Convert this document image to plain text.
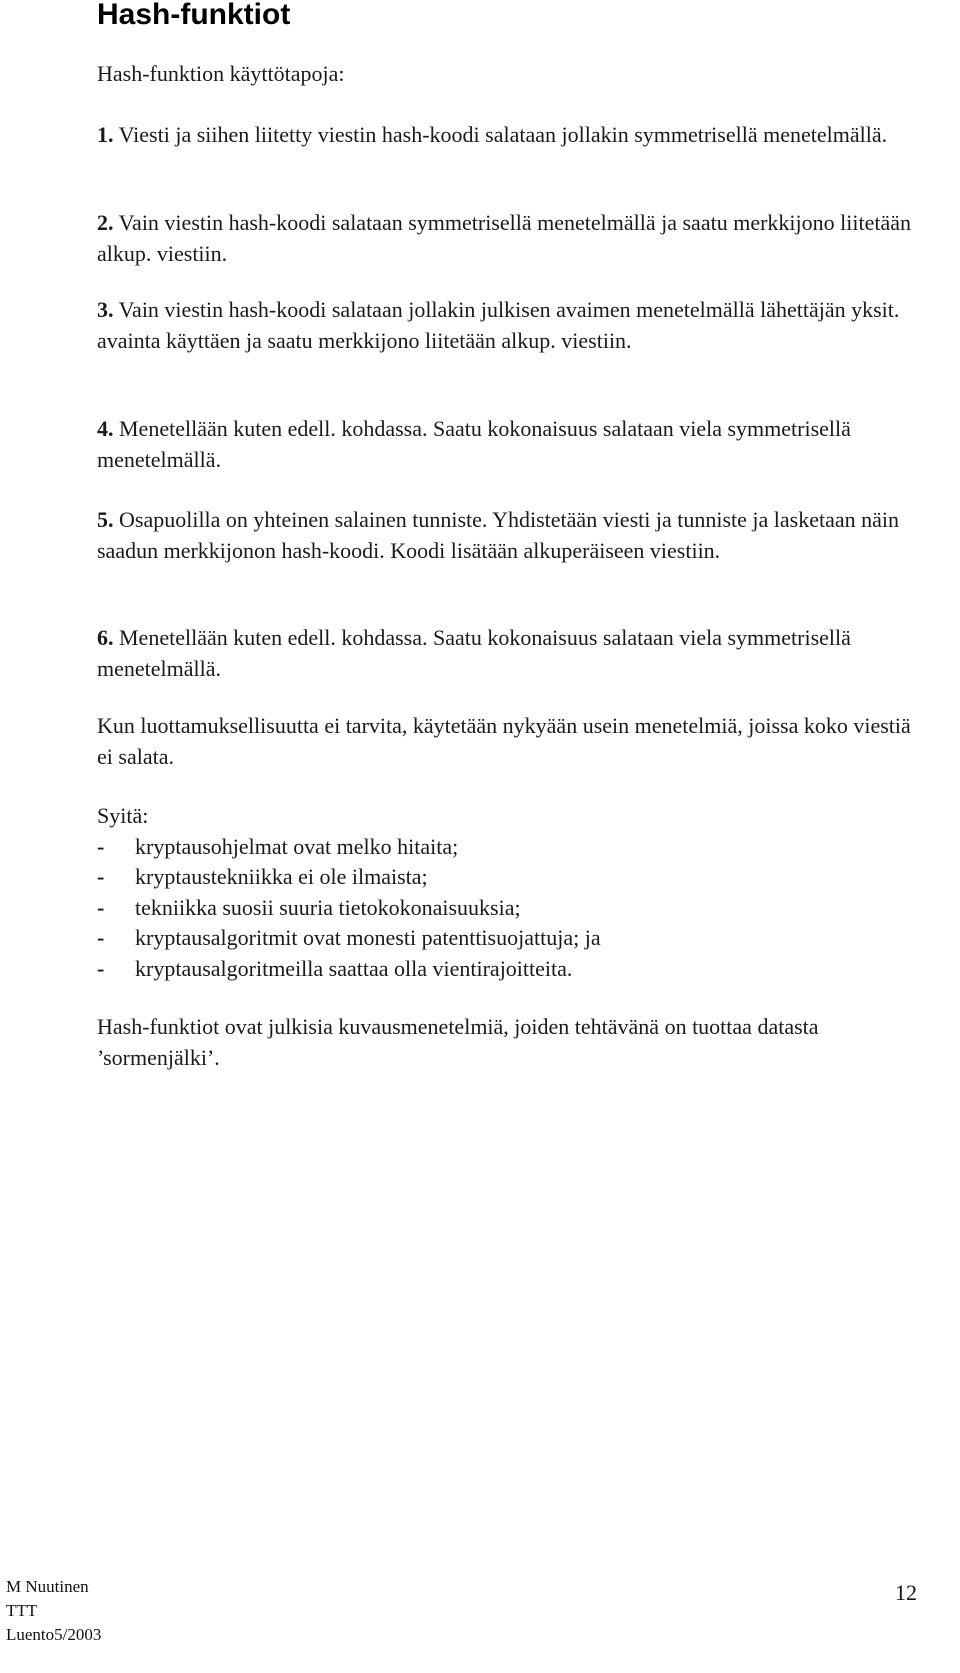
Hash-funktiot

Hash-funktion käyttötapoja:

1. Viesti ja siihen liitetty viestin hash-koodi salataan jollakin symmetrisellä menetelmällä.

2. Vain viestin hash-koodi salataan symmetrisellä menetelmällä ja saatu merkkijono liitetään alkup. viestiin.

3. Vain viestin hash-koodi salataan jollakin julkisen avaimen menetelmällä lähettäjän yksit. avainta käyttäen ja saatu merkkijono liitetään alkup. viestiin.

4. Menetellään kuten edell. kohdassa. Saatu kokonaisuus salataan viela symmetrisellä menetelmällä.

5. Osapuolilla on yhteinen salainen tunniste. Yhdistetään viesti ja tunniste ja lasketaan näin saadun merkkijonon hash-koodi. Koodi lisätään alkuperäiseen viestiin.

6. Menetellään kuten edell. kohdassa. Saatu kokonaisuus salataan viela symmetrisellä menetelmällä.

Kun luottamuksellisuutta ei tarvita, käytetään nykyään usein menetelmiä, joissa koko viestiä ei salata.

Syitä:

- kryptausohjelmat ovat melko hitaita;
- kryptaustekniikka ei ole ilmaista;
- tekniikka suosii suuria tietokokonaisuuksia;
- kryptausalgoritmit ovat monesti patenttisuojattuja; ja
- kryptausalgoritmeilla saattaa olla vientirajoitteita.

Hash-funktiot ovat julkisia kuvausmenetelmiä, joiden tehtävänä on tuottaa datasta ’sormenjälki’.

M Nuutinen
TTT
Luento5/2003
12
